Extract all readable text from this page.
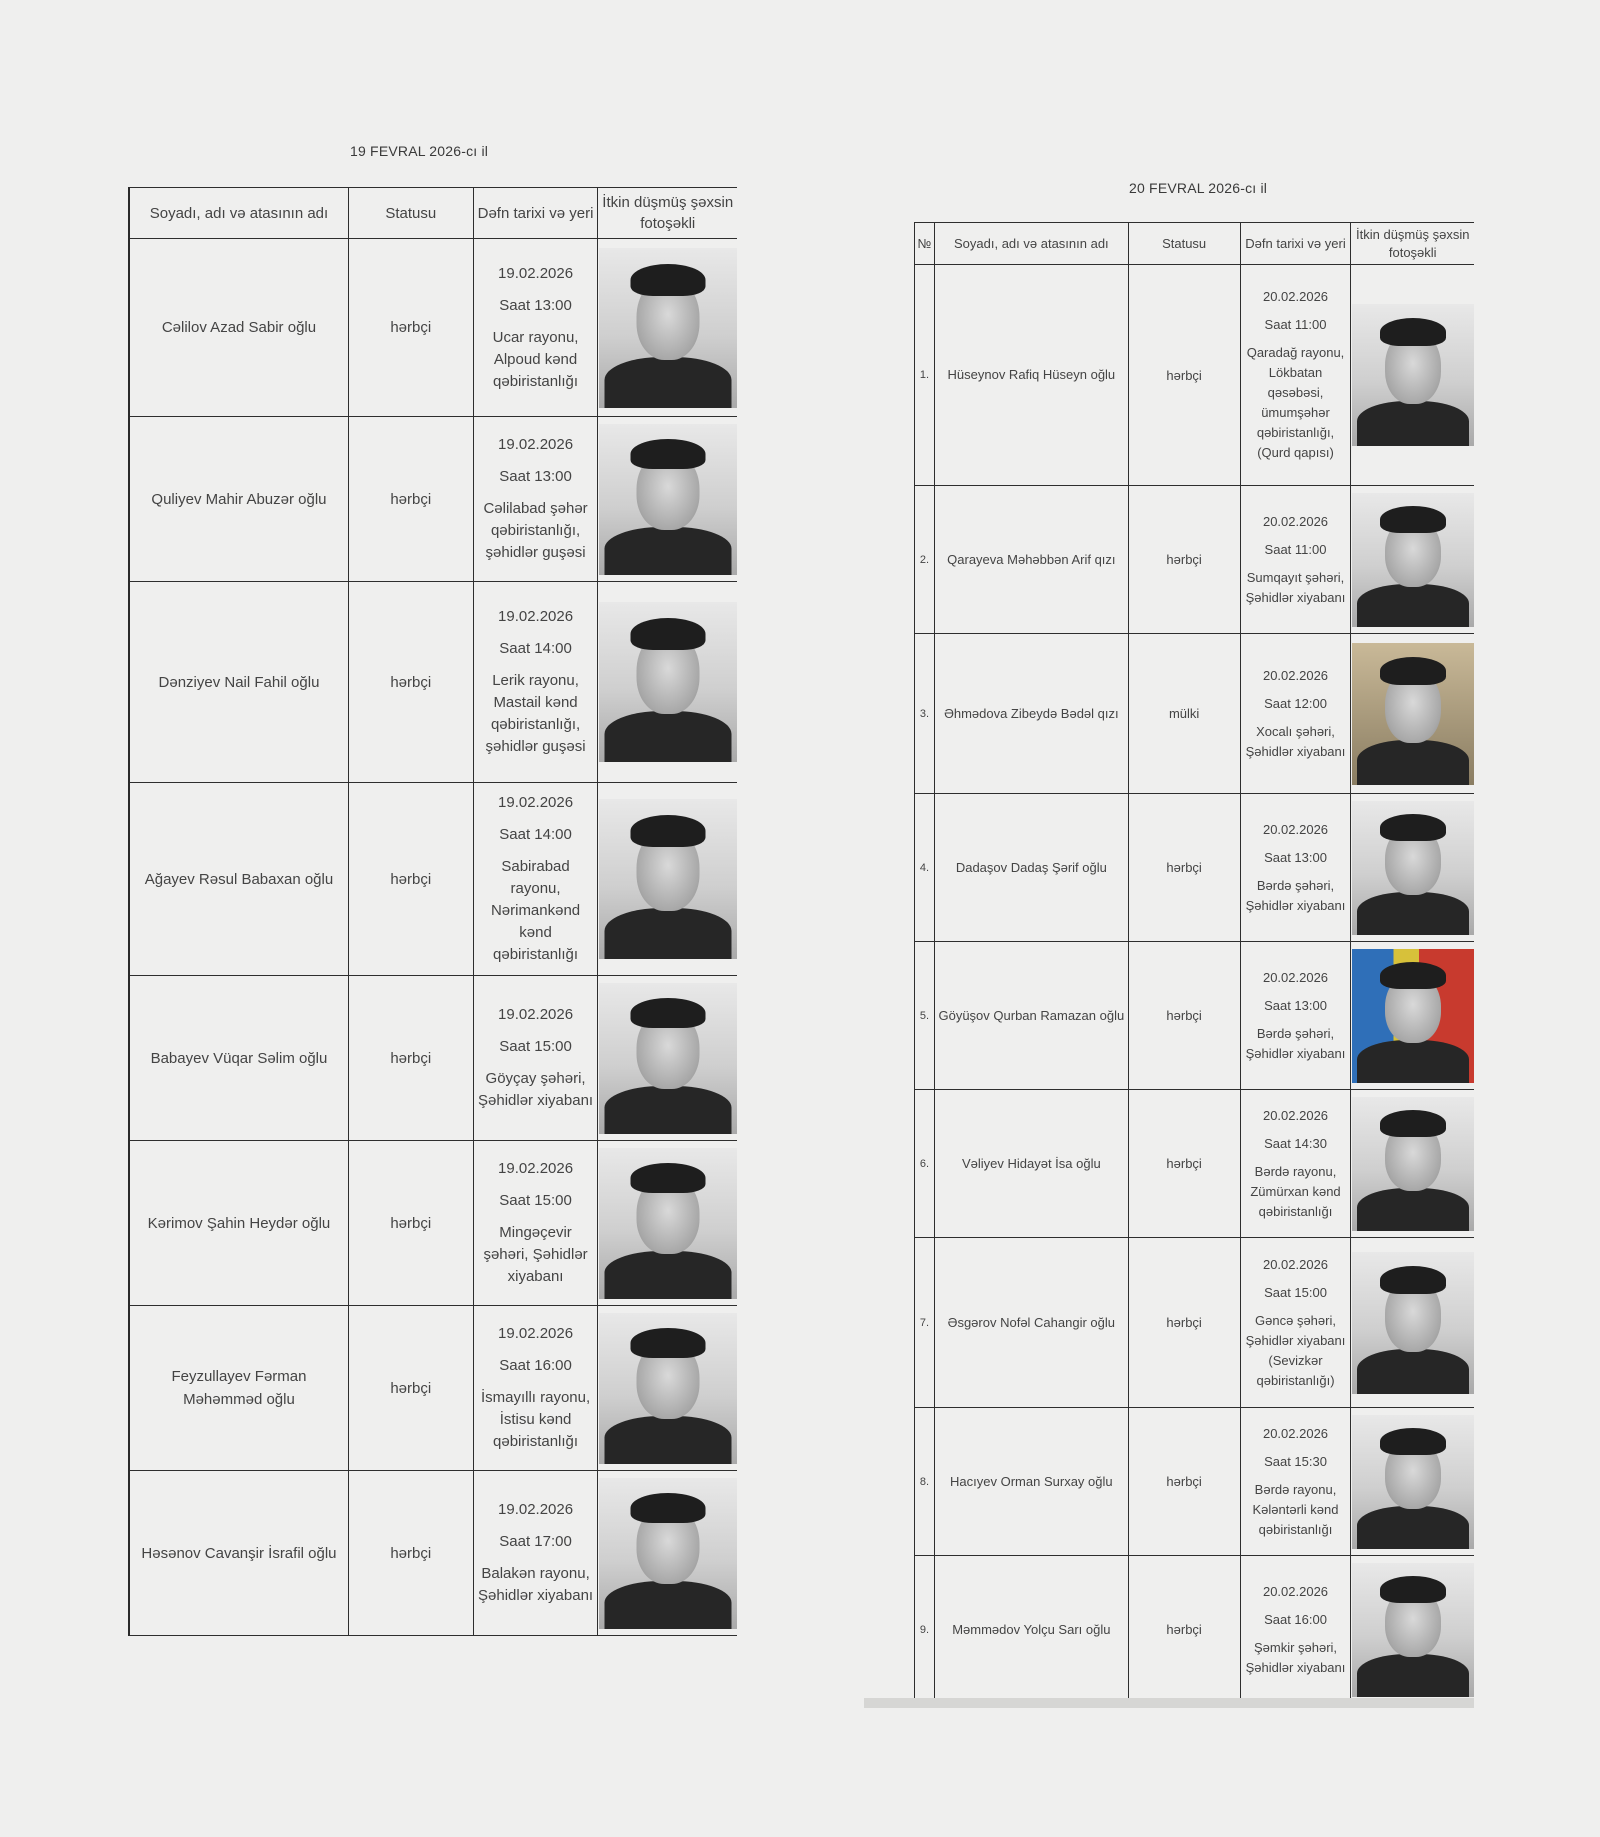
19 FEVRAL 2026-cı il
20 FEVRAL 2026-cı il
Soyadı, adı və atasının adı	Statusu	Dəfn tarixi və yeri	İtkin düşmüş şəxsin fotoşəkli
Cəlilov Azad Sabir oğlu	hərbçi	19.02.2026
Saat 13:00
Ucar rayonu, Alpoud kənd qəbiristanlığı	

Quliyev Mahir Abuzər oğlu	hərbçi	19.02.2026
Saat 13:00
Cəlilabad şəhər qəbiristanlığı, şəhidlər guşəsi	

Dənziyev Nail Fahil oğlu	hərbçi	19.02.2026
Saat 14:00
Lerik rayonu, Mastail kənd qəbiristanlığı, şəhidlər guşəsi	

Ağayev Rəsul Babaxan oğlu	hərbçi	19.02.2026
Saat 14:00
Sabirabad rayonu, Nərimankənd kənd qəbiristanlığı	

Babayev Vüqar Səlim oğlu	hərbçi	19.02.2026
Saat 15:00
Göyçay şəhəri, Şəhidlər xiyabanı	

Kərimov Şahin Heydər oğlu	hərbçi	19.02.2026
Saat 15:00
Mingəçevir şəhəri, Şəhidlər xiyabanı	

Feyzullayev Fərman Məhəmməd oğlu	hərbçi	19.02.2026
Saat 16:00
İsmayıllı rayonu, İstisu kənd qəbiristanlığı	

Həsənov Cavanşir İsrafil oğlu	hərbçi	19.02.2026
Saat 17:00
Balakən rayonu, Şəhidlər xiyabanı	

№	Soyadı, adı və atasının adı	Statusu	Dəfn tarixi və yeri	İtkin düşmüş şəxsin fotoşəkli
1.	Hüseynov Rafiq Hüseyn oğlu	hərbçi	20.02.2026
Saat 11:00
Qaradağ rayonu, Lökbatan qəsəbəsi, ümumşəhər qəbiristanlığı, (Qurd qapısı)	

2.	Qarayeva Məhəbbən Arif qızı	hərbçi	20.02.2026
Saat 11:00
Sumqayıt şəhəri, Şəhidlər xiyabanı	

3.	Əhmədova Zibeydə Bədəl qızı	mülki	20.02.2026
Saat 12:00
Xocalı şəhəri, Şəhidlər xiyabanı	

4.	Dadaşov Dadaş Şərif oğlu	hərbçi	20.02.2026
Saat 13:00
Bərdə şəhəri, Şəhidlər xiyabanı	

5.	Göyüşov Qurban Ramazan oğlu	hərbçi	20.02.2026
Saat 13:00
Bərdə şəhəri, Şəhidlər xiyabanı	

6.	Vəliyev Hidayət İsa oğlu	hərbçi	20.02.2026
Saat 14:30
Bərdə rayonu, Zümürxan kənd qəbiristanlığı	

7.	Əsgərov Nofəl Cahangir oğlu	hərbçi	20.02.2026
Saat 15:00
Gəncə şəhəri, Şəhidlər xiyabanı (Sevizkər qəbiristanlığı)	

8.	Hacıyev Orman Surxay oğlu	hərbçi	20.02.2026
Saat 15:30
Bərdə rayonu, Kələntərli kənd qəbiristanlığı	

9.	Məmmədov Yolçu Sarı oğlu	hərbçi	20.02.2026
Saat 16:00
Şəmkir şəhəri, Şəhidlər xiyabanı	
